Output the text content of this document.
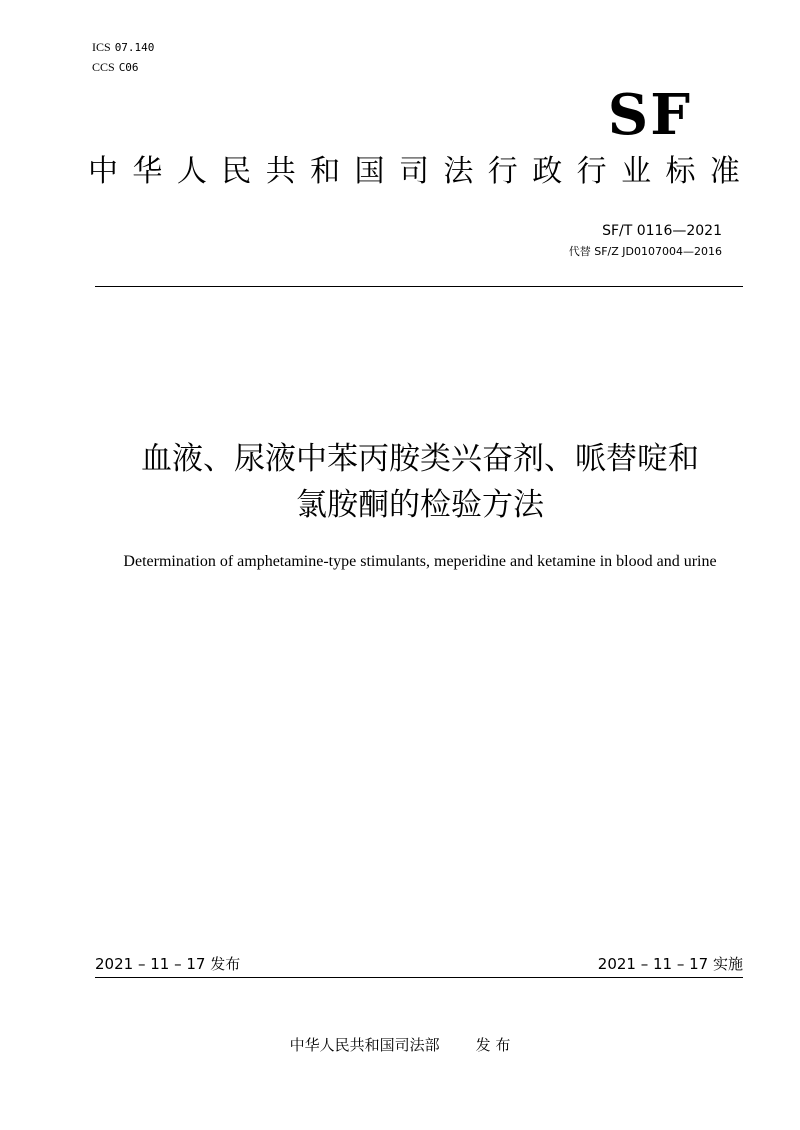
ICS 07.140
CCS C06
SF
中 华 人 民 共 和 国 司 法 行 政 行 业 标 准
SF/T 0116—2021
代替 SF/Z JD0107004—2016
血液、尿液中苯丙胺类兴奋剂、哌替啶和
氯胺酮的检验方法
Determination of amphetamine-type stimulants, meperidine and ketamine in blood and urine
2021 – 11 – 17 发布	2021 – 11 – 17 实施
中华人民共和国司法部 发 布
